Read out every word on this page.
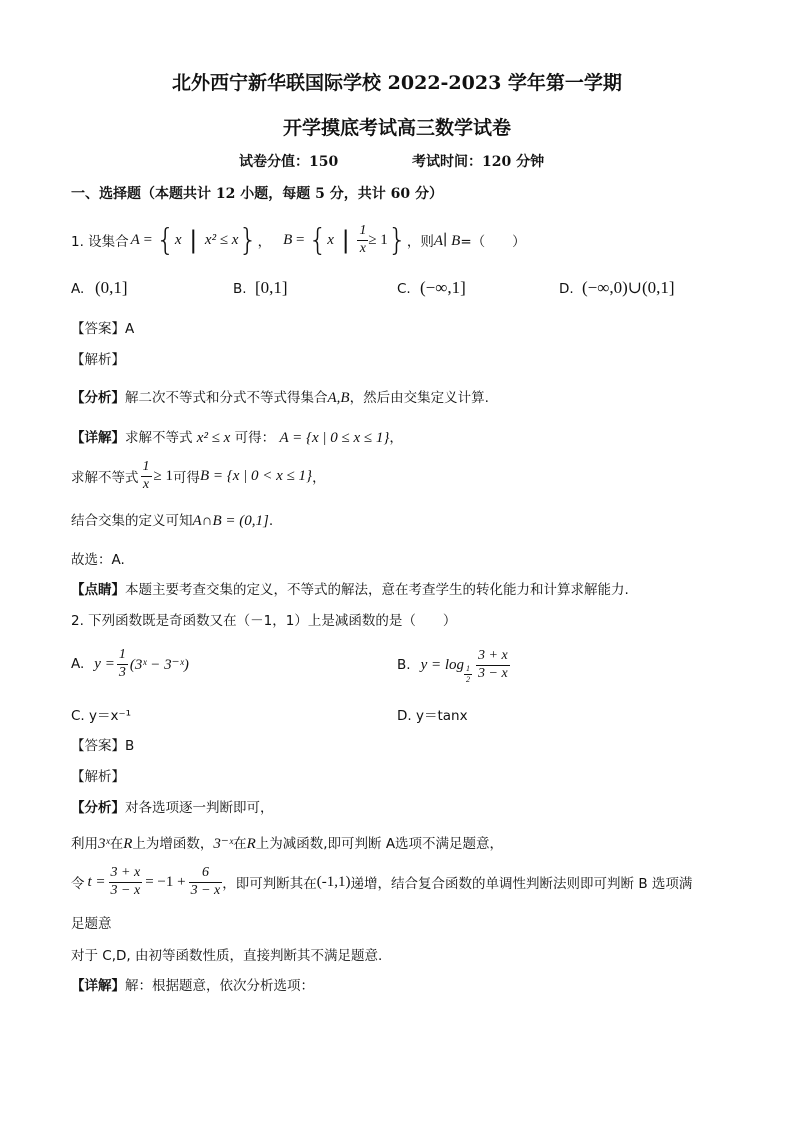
北外西宁新华联国际学校 2022-2023 学年第一学期
开学摸底考试高三数学试卷
试卷分值：150	考试时间：120 分钟
一、选择题（本题共计 12 小题，每题 5 分，共计 60 分）
1. 设集合 A = { x | x² ≤ x } ， B = { x | $\frac{1}{x} \ge 1$ } ，则 A∣ B =（　　）
A. (0,1]	B. [0,1]	C. (−∞,1]	D. (−∞,0)∪(0,1]
【答案】A
【解析】
【分析】解二次不等式和分式不等式得集合A,B，然后由交集定义计算.
【详解】求解不等式 x² ≤ x 可得： A = {x | 0 ≤ x ≤ 1}，
求解不等式 $\frac{1}{x} \ge 1$ 可得 B = {x | 0 < x ≤ 1} ，
结合交集的定义可知A∩B = (0,1].
故选：A.
【点睛】本题主要考查交集的定义，不等式的解法，意在考查学生的转化能力和计算求解能力.
2. 下列函数既是奇函数又在（－1，1）上是减函数的是（　　）
A. $y = \frac{1}{3}$ (3ˣ − 3⁻ˣ)	B. $y = \log \frac{1}{2} \frac{3 + x}{3 - x}$
C. y＝x⁻¹	D. y＝tanx
【答案】B
【解析】
【分析】对各选项逐一判断即可，
利用3ˣ在R上为增函数，3⁻ˣ在R上为减函数,即可判断 A选项不满足题意，
令 $t = \frac{3 + x}{3 - x} = -1 + \frac{6}{3 - x}$ ，即可判断其在 (-1,1) 递增，结合复合函数的单调性判断法则即可判断 B 选项满
足题意
对于 C,D, 由初等函数性质，直接判断其不满足题意.
【详解】解：根据题意，依次分析选项：
